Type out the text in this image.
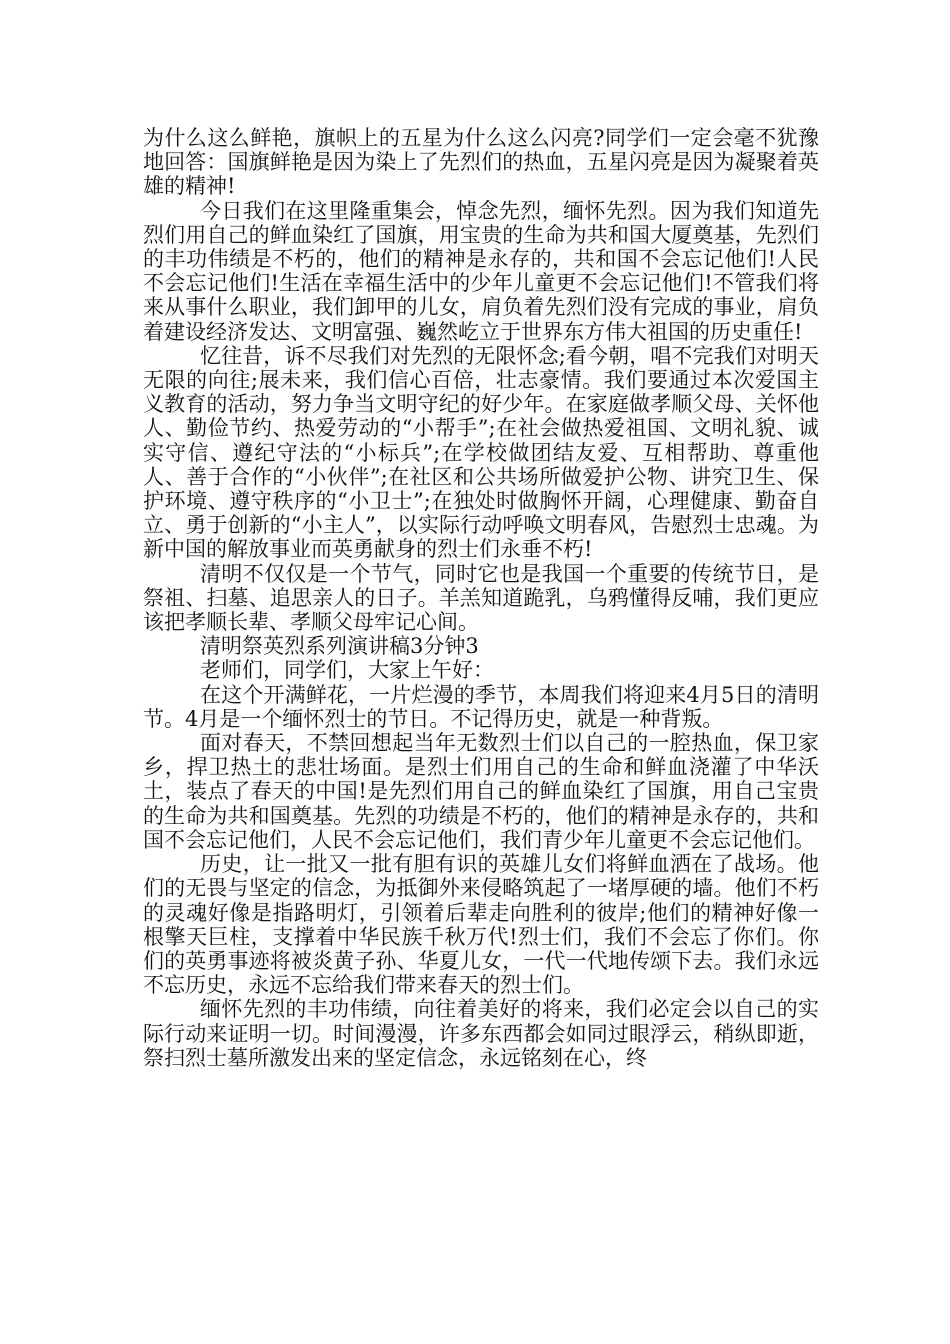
为什么这么鲜艳，旗帜上的五星为什么这么闪亮?同学们一定会毫不犹豫地回答：国旗鲜艳是因为染上了先烈们的热血，五星闪亮是因为凝聚着英雄的精神!

今日我们在这里隆重集会，悼念先烈，缅怀先烈。因为我们知道先烈们用自己的鲜血染红了国旗，用宝贵的生命为共和国大厦奠基，先烈们的丰功伟绩是不朽的，他们的精神是永存的，共和国不会忘记他们!人民不会忘记他们!生活在幸福生活中的少年儿童更不会忘记他们!不管我们将来从事什么职业，我们卸甲的儿女，肩负着先烈们没有完成的事业，肩负着建设经济发达、文明富强、巍然屹立于世界东方伟大祖国的历史重任!

忆往昔，诉不尽我们对先烈的无限怀念;看今朝，唱不完我们对明天无限的向往;展未来，我们信心百倍，壮志豪情。我们要通过本次爱国主义教育的活动，努力争当文明守纪的好少年。在家庭做孝顺父母、关怀他人、勤俭节约、热爱劳动的“小帮手”;在社会做热爱祖国、文明礼貌、诚实守信、遵纪守法的“小标兵”;在学校做团结友爱、互相帮助、尊重他人、善于合作的“小伙伴”;在社区和公共场所做爱护公物、讲究卫生、保护环境、遵守秩序的“小卫士”;在独处时做胸怀开阔，心理健康、勤奋自立、勇于创新的“小主人”，以实际行动呼唤文明春风，告慰烈士忠魂。为新中国的解放事业而英勇献身的烈士们永垂不朽!

清明不仅仅是一个节气，同时它也是我国一个重要的传统节日，是祭祖、扫墓、追思亲人的日子。羊羔知道跪乳，乌鸦懂得反哺，我们更应该把孝顺长辈、孝顺父母牢记心间。

清明祭英烈系列演讲稿3分钟3

老师们，同学们，大家上午好：

在这个开满鲜花，一片烂漫的季节，本周我们将迎来4月5日的清明节。4月是一个缅怀烈士的节日。不记得历史，就是一种背叛。

面对春天，不禁回想起当年无数烈士们以自己的一腔热血，保卫家乡，捍卫热土的悲壮场面。是烈士们用自己的生命和鲜血浇灌了中华沃土，装点了春天的中国!是先烈们用自己的鲜血染红了国旗，用自己宝贵的生命为共和国奠基。先烈的功绩是不朽的，他们的精神是永存的，共和国不会忘记他们，人民不会忘记他们，我们青少年儿童更不会忘记他们。

历史，让一批又一批有胆有识的英雄儿女们将鲜血洒在了战场。他们的无畏与坚定的信念，为抵御外来侵略筑起了一堵厚硬的墙。他们不朽的灵魂好像是指路明灯，引领着后辈走向胜利的彼岸;他们的精神好像一根擎天巨柱，支撑着中华民族千秋万代!烈士们，我们不会忘了你们。你们的英勇事迹将被炎黄子孙、华夏儿女，一代一代地传颂下去。我们永远不忘历史，永远不忘给我们带来春天的烈士们。

缅怀先烈的丰功伟绩，向往着美好的将来，我们必定会以自己的实际行动来证明一切。时间漫漫，许多东西都会如同过眼浮云，稍纵即逝，祭扫烈士墓所激发出来的坚定信念，永远铭刻在心，终
